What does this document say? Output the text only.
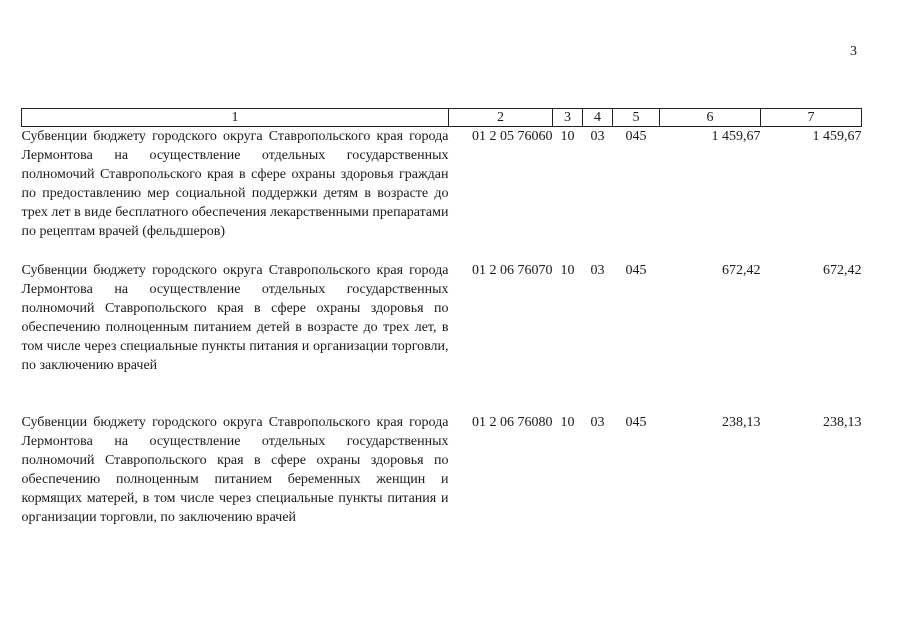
3
1	2	3	4	5	6	7
Субвенции бюджету городского округа Ставропольского края города Лермонтова на осуществление отдельных государственных полномочий Ставропольского края в сфере охраны здоровья граждан по предоставлению мер социальной поддержки детям в возрасте до трех лет в виде бесплатного обеспечения лекарственными препаратами по рецептам врачей (фельдшеров)	01 2 05 76060	10	03	045	1 459,67	1 459,67
Субвенции бюджету городского округа Ставропольского края города Лермонтова на осуществление отдельных государственных полномочий Ставропольского края в сфере охраны здоровья по обеспечению полноценным питанием детей в возрасте до трех лет, в том числе через специальные пункты питания и организации торговли, по заключению врачей	01 2 06 76070	10	03	045	672,42	672,42
Субвенции бюджету городского округа Ставропольского края города Лермонтова на осуществление отдельных государственных полномочий Ставропольского края в сфере охраны здоровья по обеспечению полноценным питанием беременных женщин и кормящих матерей, в том числе через специальные пункты питания и организации торговли, по заключению врачей	01 2 06 76080	10	03	045	238,13	238,13
